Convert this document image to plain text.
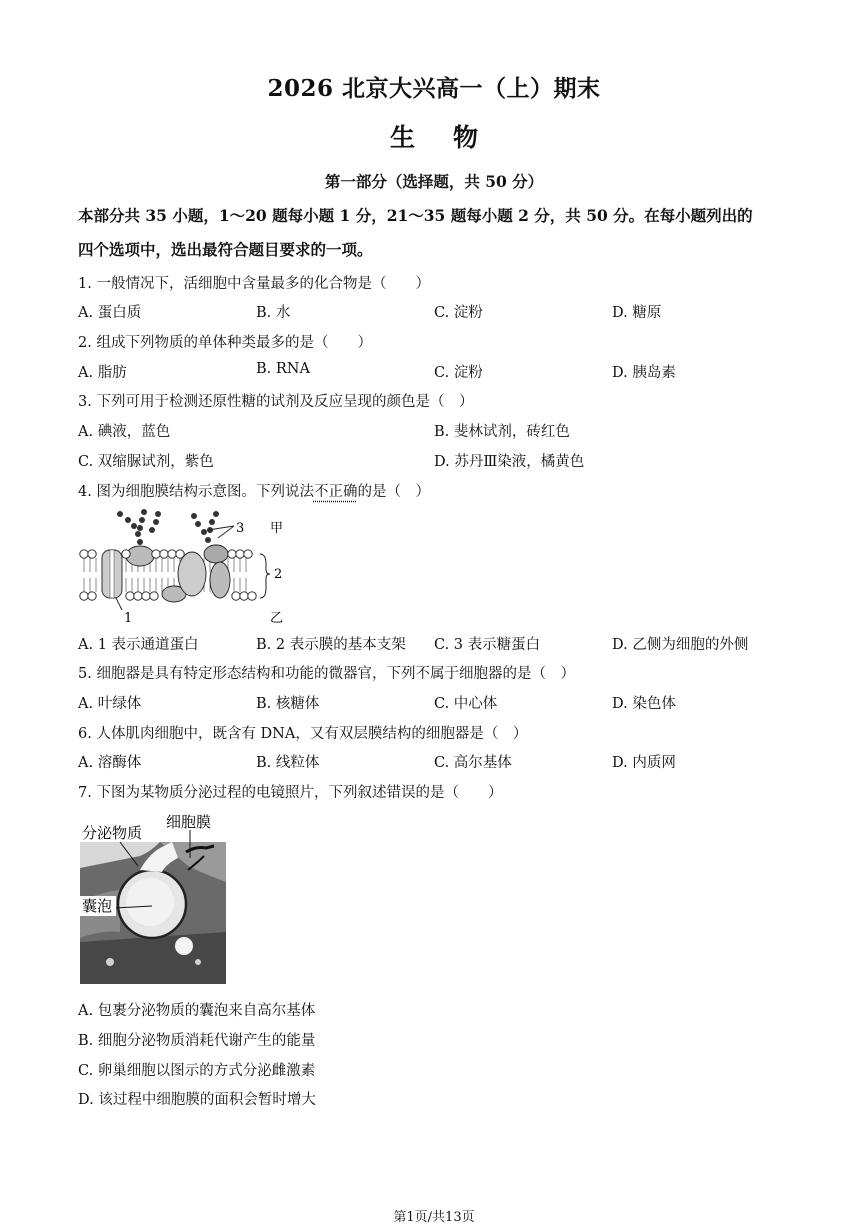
2026 北京大兴高一（上）期末
生物
第一部分（选择题，共 50 分）
本部分共 35 小题，1～20 题每小题 1 分，21～35 题每小题 2 分，共 50 分。在每小题列出的
四个选项中，选出最符合题目要求的一项。
1. 一般情况下，活细胞中含量最多的化合物是（　　）
A. 蛋白质	B. 水	C. 淀粉	D. 糖原
2. 组成下列物质的单体种类最多的是（　　）
A. 脂肪	B. RNA	C. 淀粉	D. 胰岛素
3. 下列可用于检测还原性糖的试剂及反应呈现的颜色是（　）
A. 碘液，蓝色	B. 斐林试剂，砖红色
C. 双缩脲试剂，紫色	D. 苏丹Ⅲ染液，橘黄色
4. 图为细胞膜结构示意图。下列说法不正确的是（　）
3 甲
2
1	乙
A. 1 表示通道蛋白	B. 2 表示膜的基本支架 C. 3 表示糖蛋白	D. 乙侧为细胞的外侧
5. 细胞器是具有特定形态结构和功能的微器官，下列不属于细胞器的是（　）
A. 叶绿体	B. 核糖体	C. 中心体	D. 染色体
6. 人体肌肉细胞中，既含有 DNA，又有双层膜结构的细胞器是（　）
A. 溶酶体	B. 线粒体	C. 高尔基体	D. 内质网
7. 下图为某物质分泌过程的电镜照片，下列叙述错误的是（　　）
分泌物质
细胞膜
囊泡
A. 包裹分泌物质的囊泡来自高尔基体
B. 细胞分泌物质消耗代谢产生的能量
C. 卵巢细胞以图示的方式分泌雌激素
D. 该过程中细胞膜的面积会暂时增大
第1页/共13页
